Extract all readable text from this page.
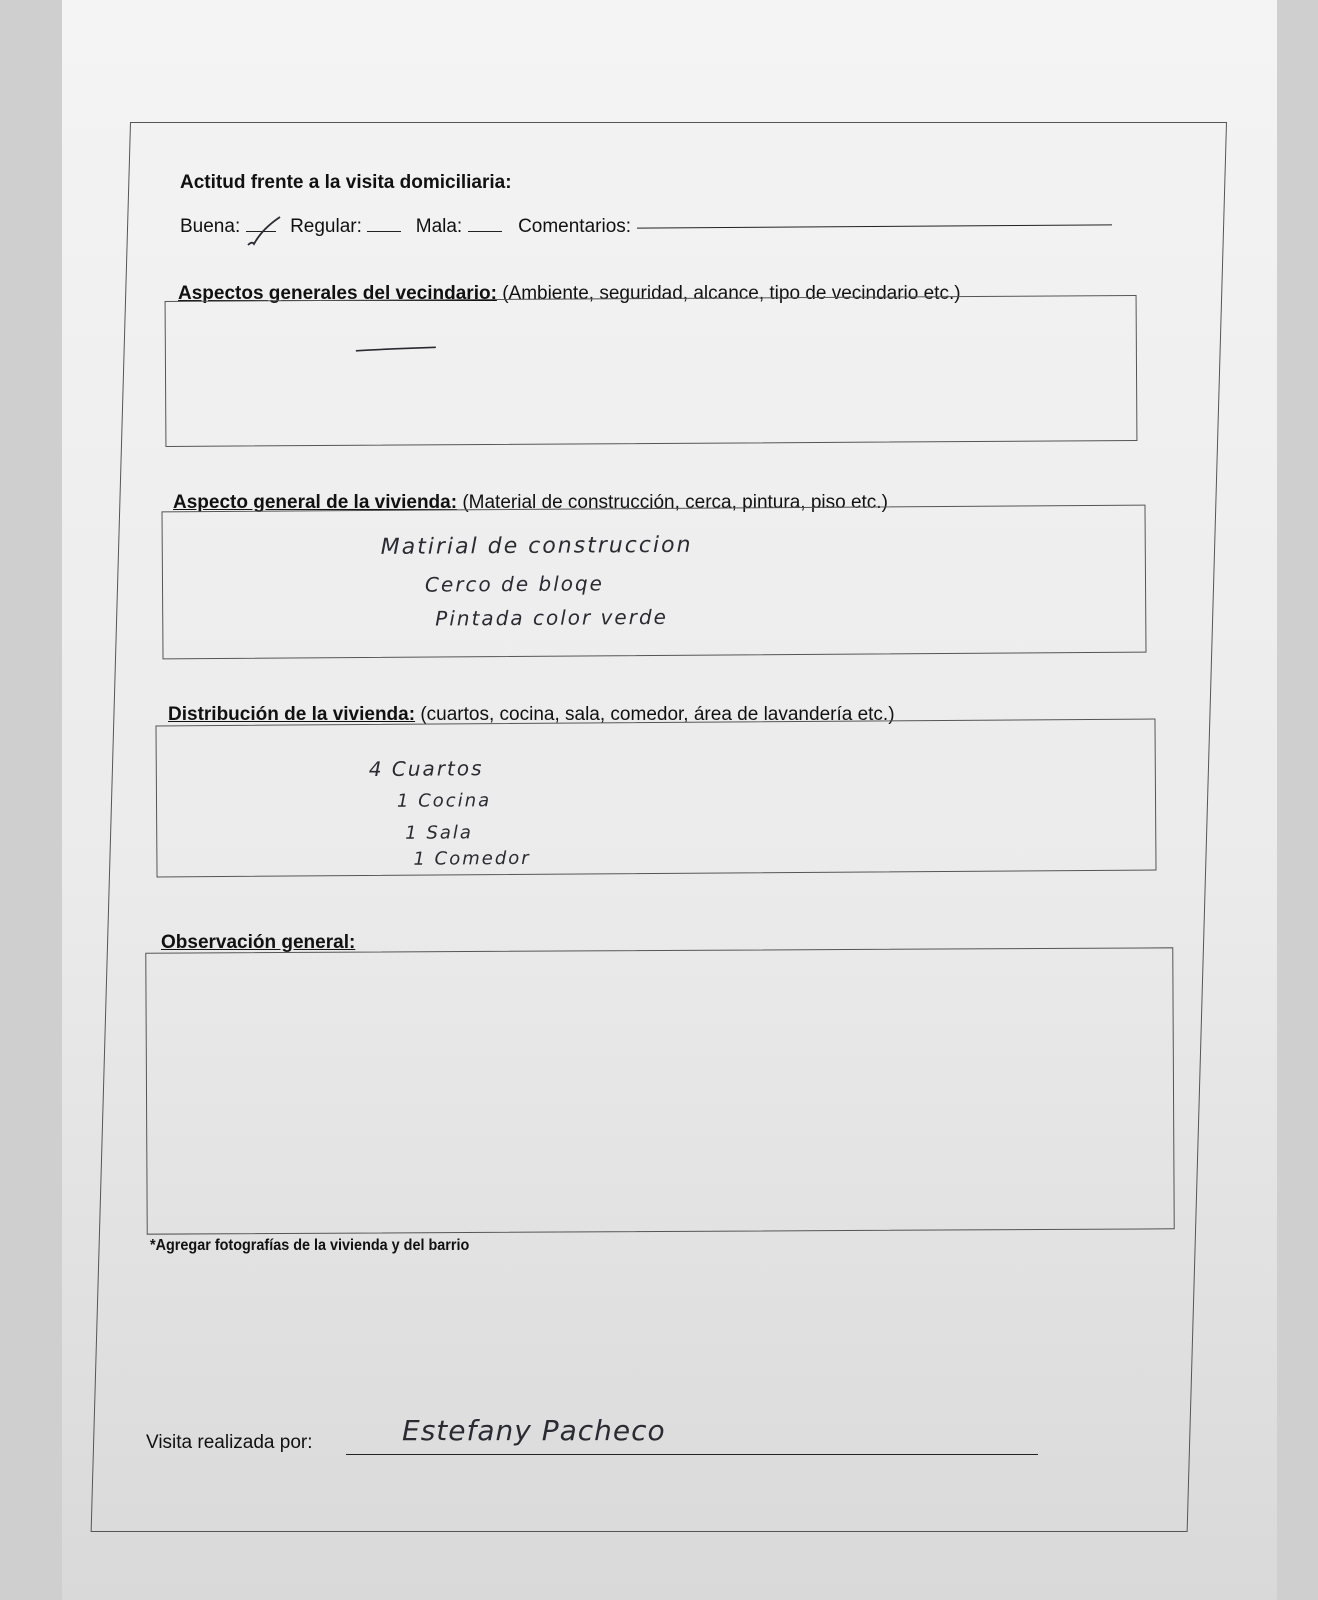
Actitud frente a la visita domiciliaria:
Buena:	Regular:	Mala:	Comentarios:
Aspectos generales del vecindario: (Ambiente, seguridad, alcance, tipo de vecindario etc.)
Aspecto general de la vivienda: (Material de construcción, cerca, pintura, piso etc.)
Matirial de construccion
Cerco de bloqe
Pintada color verde
Distribución de la vivienda: (cuartos, cocina, sala, comedor, área de lavandería etc.)
4 Cuartos
1 Cocina
1 Sala
1 Comedor
Observación general:
*Agregar fotografías de la vivienda y del barrio
Visita realizada por:	Estefany Pacheco
